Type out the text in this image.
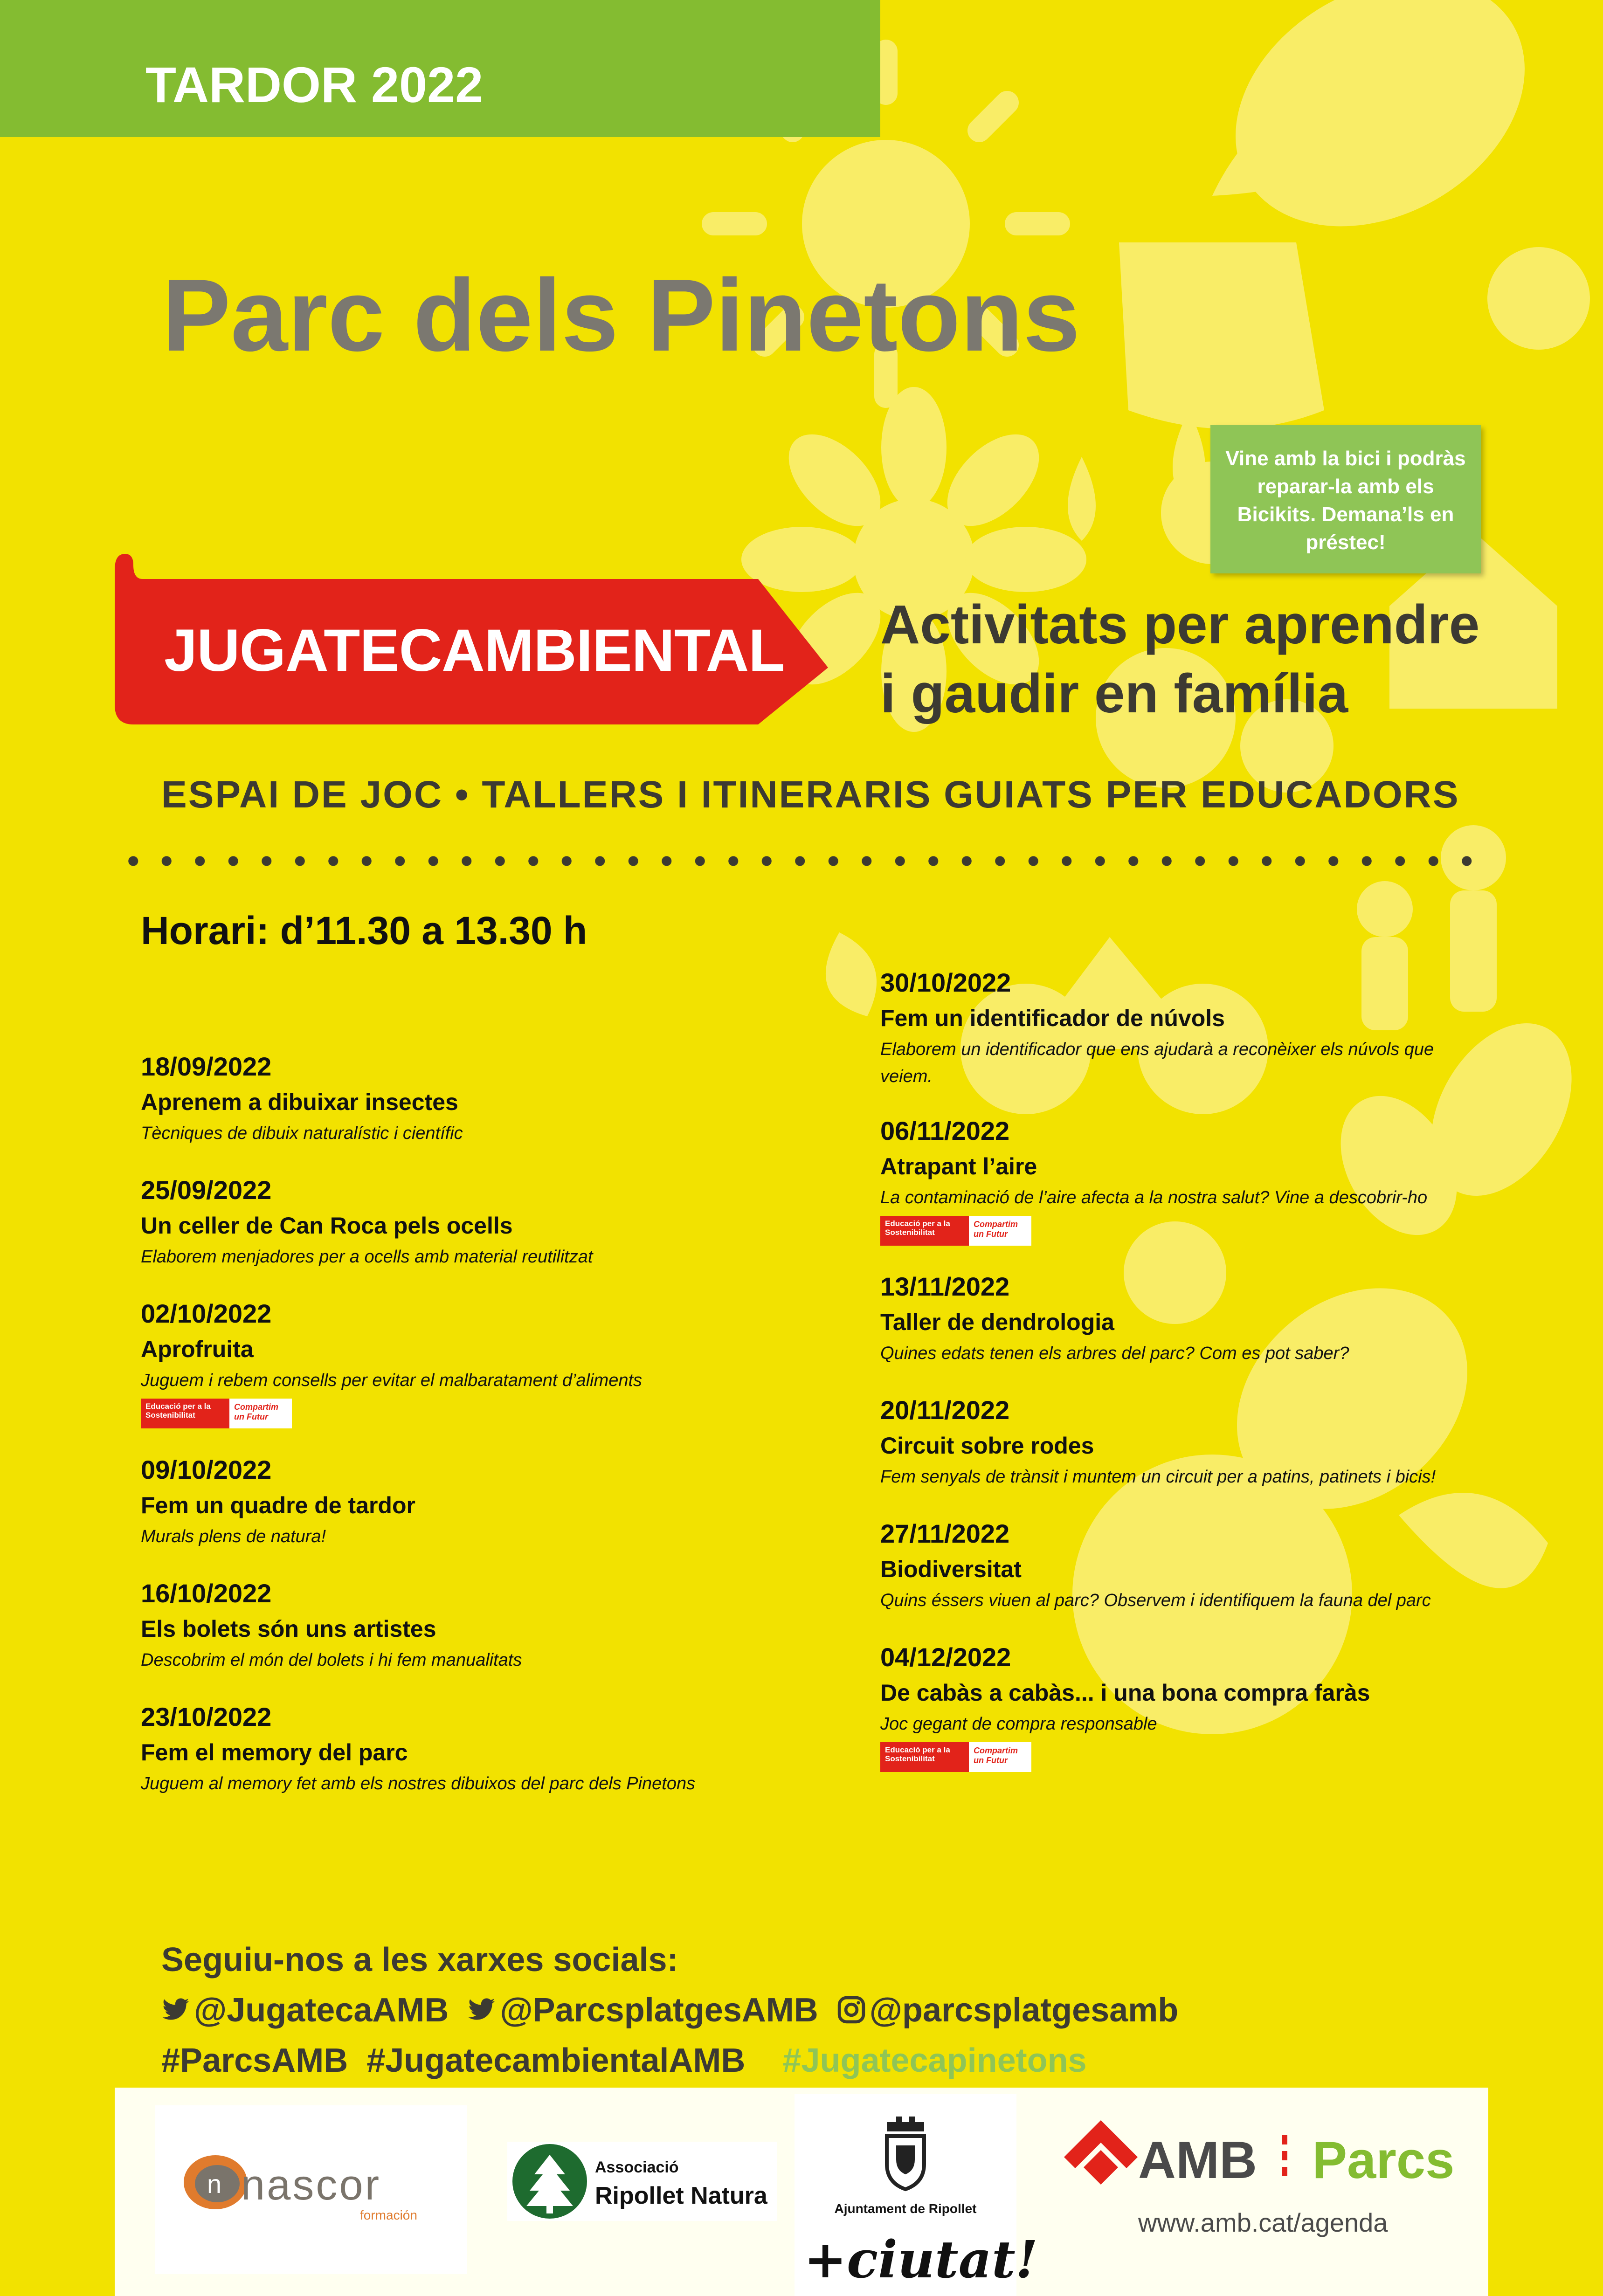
TARDOR 2022
Parc dels Pinetons
Vine amb la bici i podràs reparar-la amb els Bicikits. Demana’ls en préstec!
JUGATECAMBIENTAL Activitats per aprendre
i gaudir en família
ESPAI DE JOC • TALLERS I ITINERARIS GUIATS PER EDUCADORS
Horari: d’11.30 a 13.30 h
18/09/2022
Aprenem a dibuixar insectes
Tècniques de dibuix naturalístic i científic
25/09/2022
Un celler de Can Roca pels ocells
Elaborem menjadores per a ocells amb material reutilitzat
02/10/2022
Aprofruita
Juguem i rebem consells per evitar el malbaratament d’aliments
Educació per a la
Sostenibilitat
Compartim
un Futur
09/10/2022
Fem un quadre de tardor
Murals plens de natura!
16/10/2022
Els bolets són uns artistes
Descobrim el món del bolets i hi fem manualitats
23/10/2022
Fem el memory del parc
Juguem al memory fet amb els nostres dibuixos del parc dels Pinetons
30/10/2022
Fem un identificador de núvols
Elaborem un identificador que ens ajudarà a reconèixer els núvols que
veiem.
06/11/2022
Atrapant l’aire
La contaminació de l’aire afecta a la nostra salut? Vine a descobrir-ho
Educació per a la
Sostenibilitat
Compartim
un Futur
13/11/2022
Taller de dendrologia
Quines edats tenen els arbres del parc? Com es pot saber?
20/11/2022
Circuit sobre rodes
Fem senyals de trànsit i muntem un circuit per a patins, patinets i bicis!
27/11/2022
Biodiversitat
Quins éssers viuen al parc? Observem i identifiquem la fauna del parc
04/12/2022
De cabàs a cabàs... i una bona compra faràs
Joc gegant de compra responsable
Educació per a la
Sostenibilitat
Compartim
un Futur
Seguiu-nos a les xarxes socials:
@JugatecaAMB @ParcsplatgesAMB @parcsplatgesamb
#ParcsAMB #JugatecambientalAMB #Jugatecapinetons
n nascor
formación
Associació
Ripollet Natura	Ajuntament de Ripollet
+ciutat!
AMB Parcs
www.amb.cat/agenda
